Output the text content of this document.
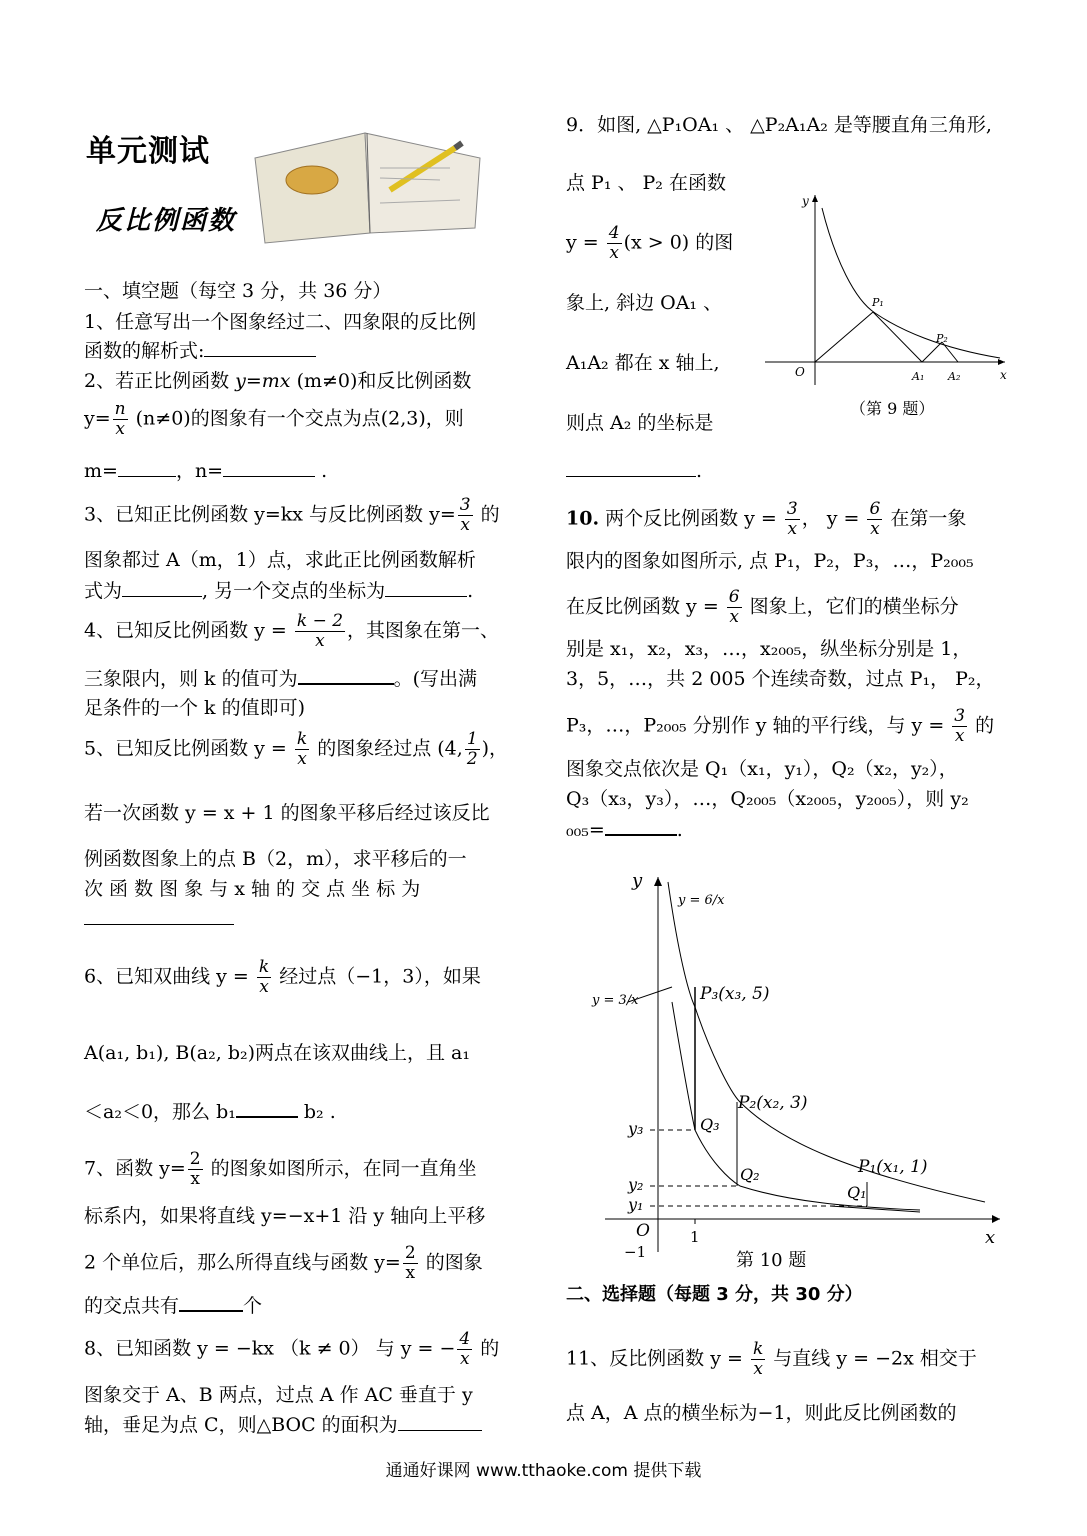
单元测试
反比例函数
一、填空题（每空 3 分，共 36 分）
1、任意写出一个图象经过二、四象限的反比例
函数的解析式:
2、若正比例函数 y=mx (m≠0)和反比例函数
$y= \frac{n}{x} (n\ne 0)$的图象有一个交点为点(2,3)，则
m=	，n=	.
3、已知正比例函数 y=kx 与反比例函数 $y= \frac{3}{x}$ 的
图象都过 A（m，1）点，求此正比例函数解析
式为	, 另一个交点的坐标为	.
4、已知反比例函数 $y = \frac{k - 2}{x}$ ，其图象在第一、
三象限内，则 k 的值可为	。(写出满
足条件的一个 k 的值即可)
5、已知反比例函数 $y = \frac{k}{x}$ 的图象经过点 (4, $\frac{1}{2}$ )，
若一次函数 y = x + 1 的图象平移后经过该反比
例函数图象上的点 B（2，m），求平移后的一
次 函 数 图 象 与 x 轴 的 交 点 坐 标 为
6、已知双曲线 $y = \frac{k}{x}$ 经过点（−1，3），如果
A(a₁, b₁), B(a₂, b₂)两点在该双曲线上，且 a₁
＜a₂＜0，那么 b₁	b₂ .
7、函数 $y= \frac{2}{x}$ 的图象如图所示，在同一直角坐
标系内，如果将直线 y=−x+1 沿 y 轴向上平移
2 个单位后，那么所得直线与函数 $y= \frac{2}{x}$ 的图象
的交点共有	个
8、已知函数 y = −kx （k ≠ 0） 与 y = − $\frac{4}{x}$ 的
图象交于 A、B 两点，过点 A 作 AC 垂直于 y
轴，垂足为点 C，则△BOC 的面积为
9．如图, △P₁OA₁ 、 △P₂A₁A₂ 是等腰直角三角形,
点 P₁ 、 P₂ 在函数
$y = \frac{4}{x} (x > 0)$ 的图
象上, 斜边 OA₁ 、
A₁A₂ 都在 x 轴上,
则点 A₂ 的坐标是
.
y
x
O
P₁
P₂
A₁ A₂
（第 9 题）
10. 两个反比例函数 $y = \frac{3}{x}$ ， $y = \frac{6}{x}$ 在第一象
限内的图象如图所示, 点 P₁，P₂，P₃，…，P₂₀₀₅
在反比例函数 $y = \frac{6}{x}$ 图象上，它们的横坐标分
别是 x₁，x₂，x₃，…，x₂₀₀₅，纵坐标分别是 1，
3，5，…，共 2 005 个连续奇数，过点 P₁， P₂，
P₃，…，P₂₀₀₅ 分别作 y 轴的平行线，与 $y = \frac{3}{x}$ 的
图象交点依次是 Q₁（x₁，y₁），Q₂（x₂，y₂），
Q₃（x₃，y₃），…，Q₂₀₀₅（x₂₀₀₅，y₂₀₀₅），则 y₂
₀₀₅=	.
y
x
O	1
−1
y = 6/x
y = 3/x	P₃(x₃, 5)
P₂(x₂, 3)
P₁(x₁, 1)
Q₃
Q₂
Q₁
y₃
y₂
y₁
第 10 题
二、选择题（每题 3 分，共 30 分）
11、反比例函数 $y = \frac{k}{x}$ 与直线 y = −2x 相交于
点 A，A 点的横坐标为−1，则此反比例函数的
通通好课网 www.tthaoke.com 提供下载
